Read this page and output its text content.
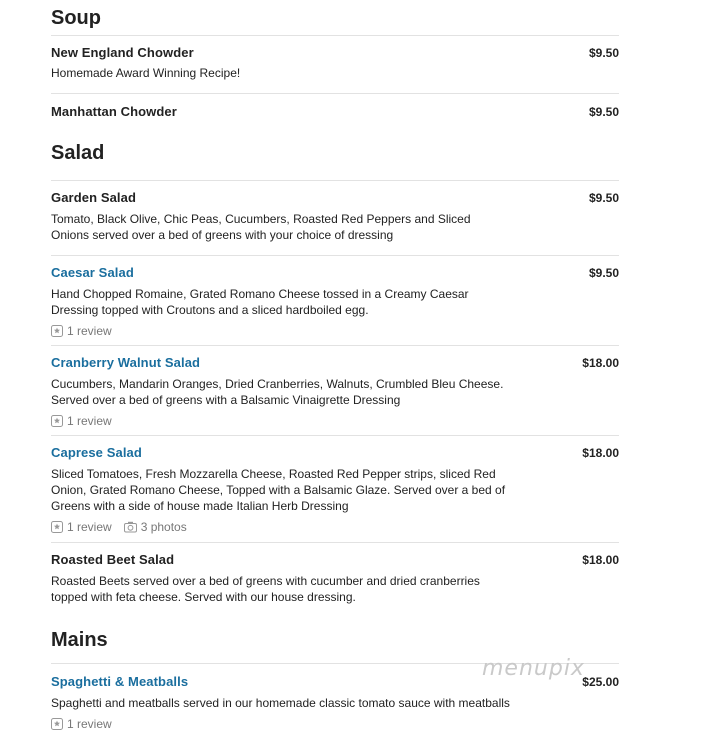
Soup
New England Chowder	$9.50
Homemade Award Winning Recipe!
Manhattan Chowder	$9.50
Salad
Garden Salad	$9.50
Tomato, Black Olive, Chic Peas, Cucumbers, Roasted Red Peppers and Sliced Onions served over a bed of greens with your choice of dressing
Caesar Salad	$9.50
Hand Chopped Romaine, Grated Romano Cheese tossed in a Creamy Caesar Dressing topped with Croutons and a sliced hardboiled egg.
1 review
Cranberry Walnut Salad	$18.00
Cucumbers, Mandarin Oranges, Dried Cranberries, Walnuts, Crumbled Bleu Cheese. Served over a bed of greens with a Balsamic Vinaigrette Dressing
1 review
Caprese Salad	$18.00
Sliced Tomatoes, Fresh Mozzarella Cheese, Roasted Red Pepper strips, sliced Red Onion, Grated Romano Cheese, Topped with a Balsamic Glaze. Served over a bed of Greens with a side of house made Italian Herb Dressing
1 review 3 photos
Roasted Beet Salad	$18.00
Roasted Beets served over a bed of greens with cucumber and dried cranberries topped with feta cheese. Served with our house dressing.
Mains
Spaghetti & Meatballs	$25.00
Spaghetti and meatballs served in our homemade classic tomato sauce with meatballs
1 review
menupix
